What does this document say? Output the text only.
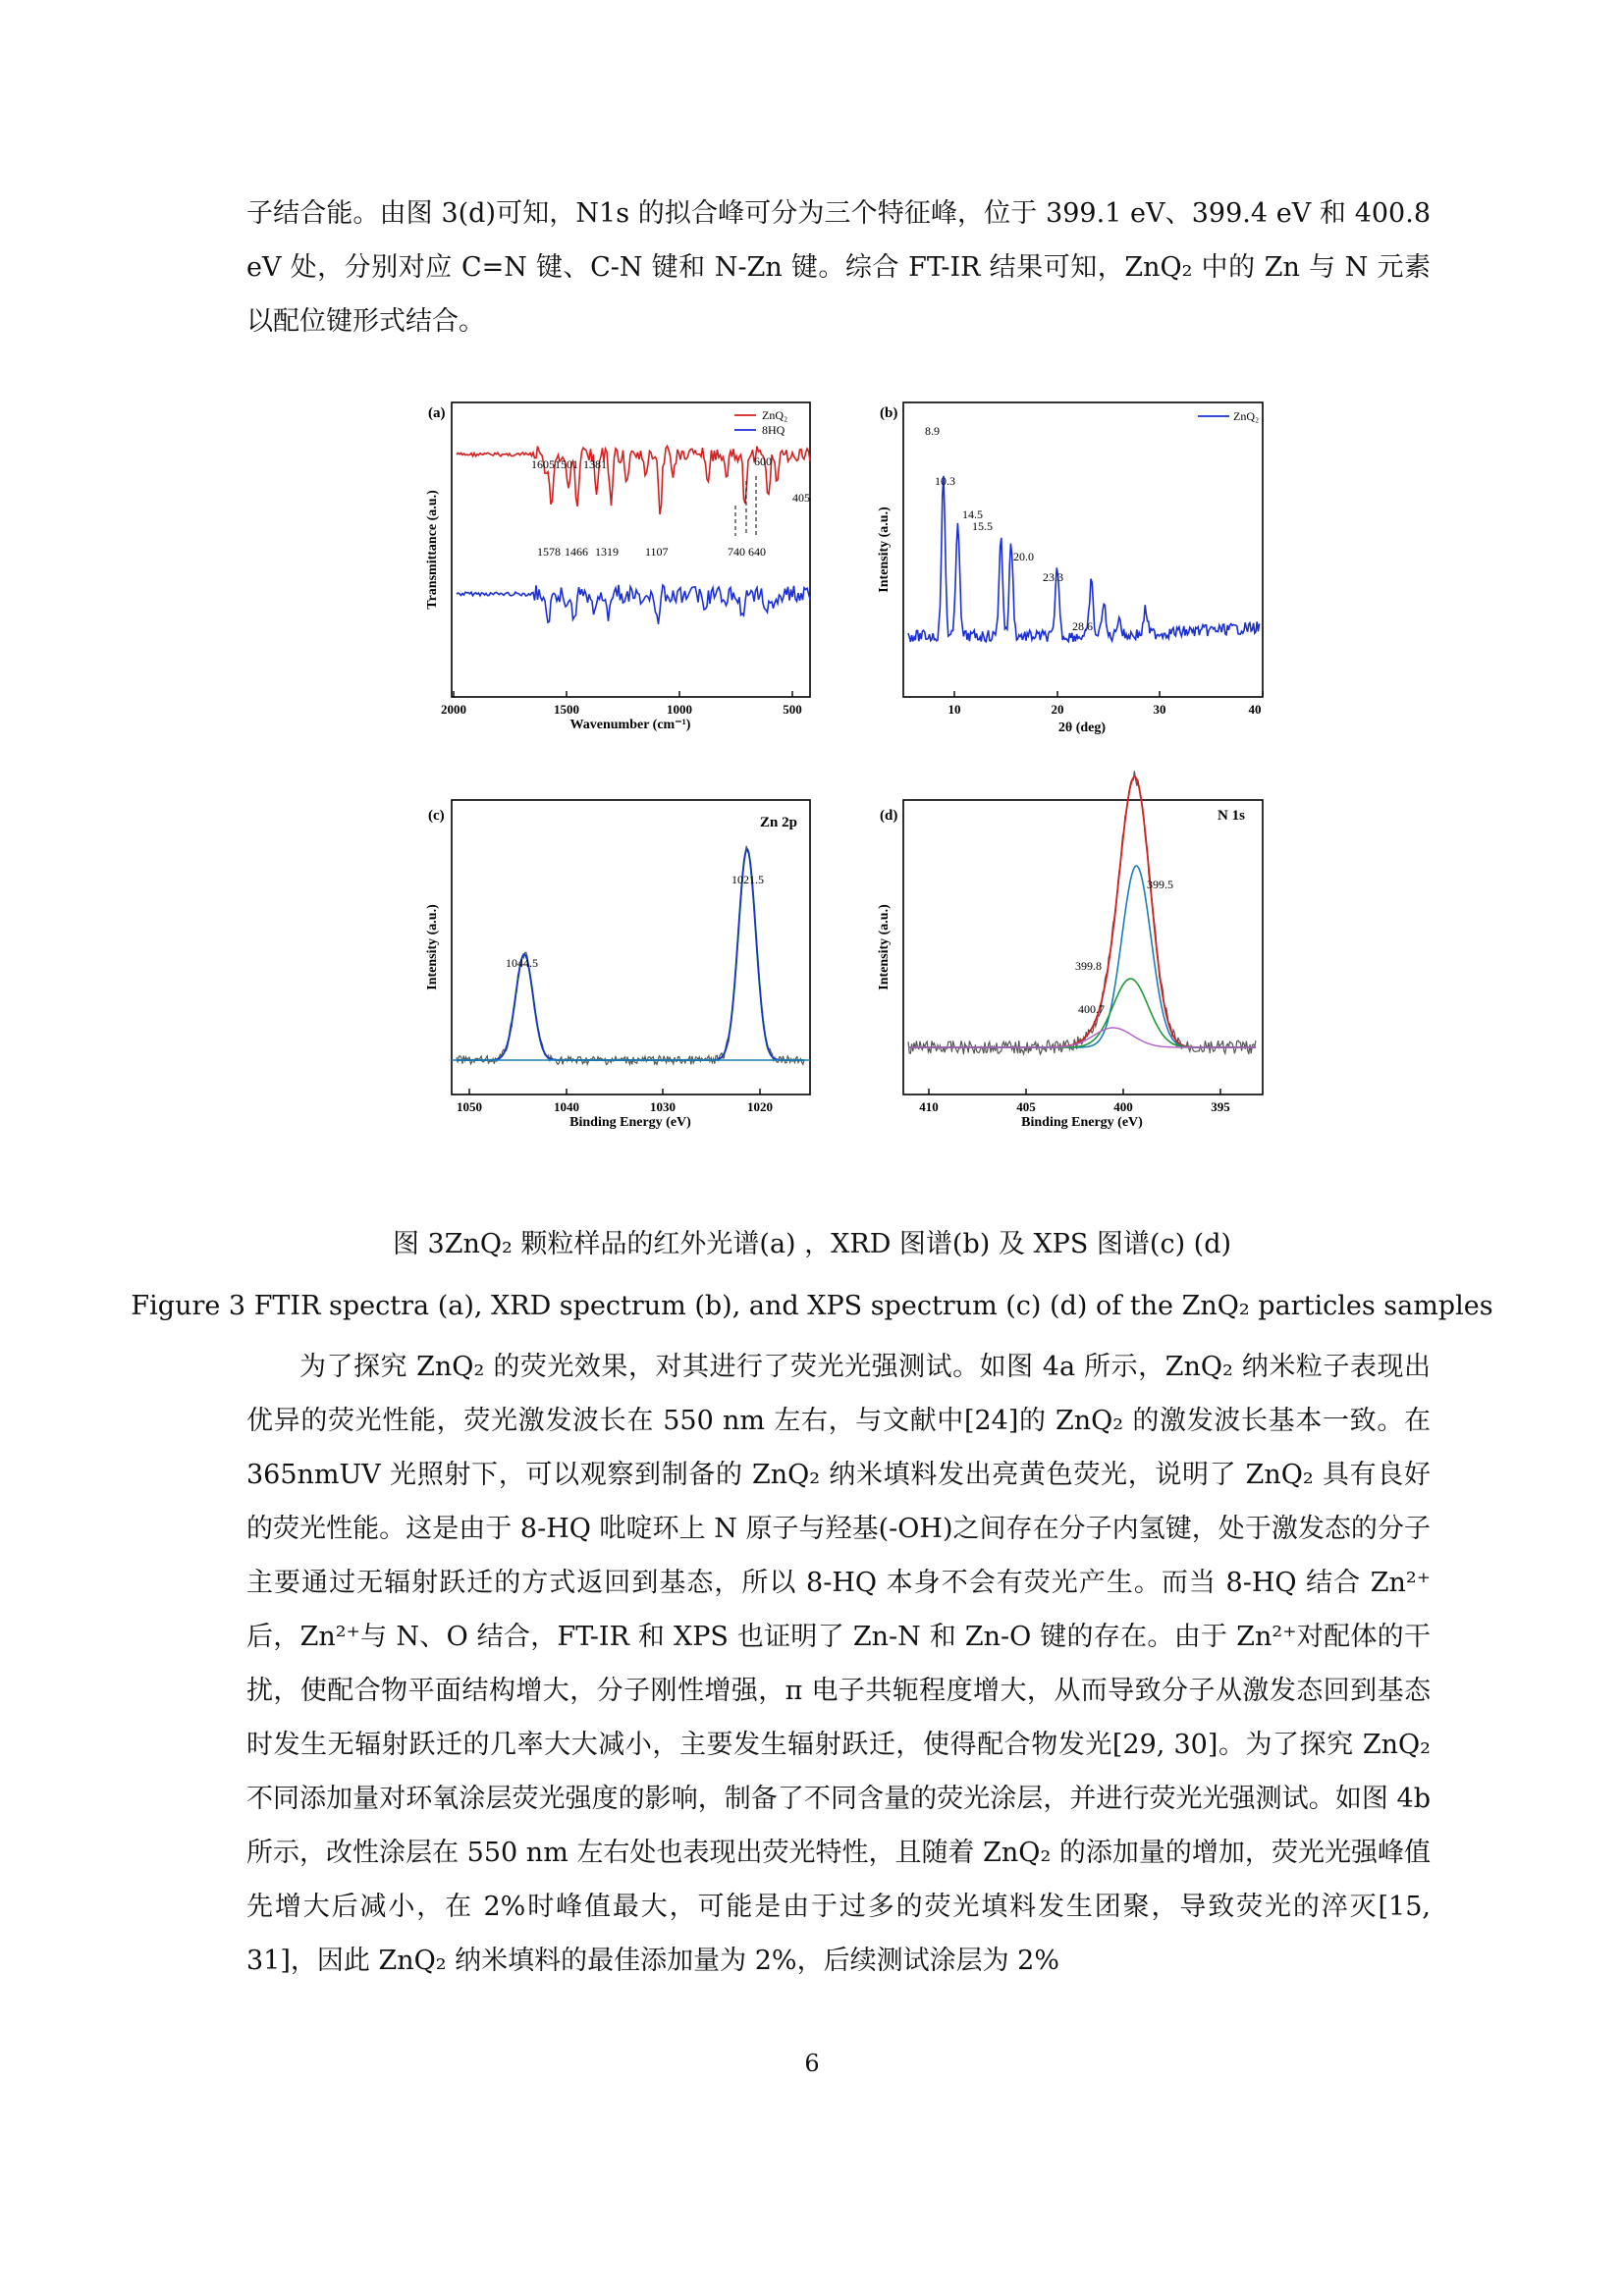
子结合能。由图 3(d)可知，N1s 的拟合峰可分为三个特征峰，位于 399.1 eV、399.4 eV 和 400.8 eV 处，分别对应 C=N 键、C-N 键和 N-Zn 键。综合 FT-IR 结果可知，ZnQ₂ 中的 Zn 与 N 元素以配位键形式结合。

(a)	ZnQ₂
8HQ
1605 1501 1381	600
405
1578 1466 1319 1107	740 640
2000	1500	1000	500
Wavenumber (cm⁻¹)
Transmittance (a.u.)
(b)	ZnQ₂
8.9
10.3
14.5
15.5
20.0
23.3
28.6
10	20	30	40
2θ (deg)
Intensity (a.u.)
(c)	Zn 2p
1044.5
1021.5
1050	1040	1030	1020
Binding Energy (eV)
Intensity (a.u.)
(d)	N 1s
399.5
399.8
400.7
410	405	400	395
Binding Energy (eV)
Intensity (a.u.)
图 3ZnQ₂ 颗粒样品的红外光谱(a) ，XRD 图谱(b) 及 XPS 图谱(c) (d)
Figure 3 FTIR spectra (a), XRD spectrum (b), and XPS spectrum (c) (d) of the ZnQ₂ particles samples

为了探究 ZnQ₂ 的荧光效果，对其进行了荧光光强测试。如图 4a 所示，ZnQ₂ 纳米粒子表现出优异的荧光性能，荧光激发波长在 550 nm 左右，与文献中[24]的 ZnQ₂ 的激发波长基本一致。在 365nmUV 光照射下，可以观察到制备的 ZnQ₂ 纳米填料发出亮黄色荧光，说明了 ZnQ₂ 具有良好的荧光性能。这是由于 8-HQ 吡啶环上 N 原子与羟基(-OH)之间存在分子内氢键，处于激发态的分子主要通过无辐射跃迁的方式返回到基态，所以 8-HQ 本身不会有荧光产生。而当 8-HQ 结合 Zn²⁺后，Zn²⁺与 N、O 结合，FT-IR 和 XPS 也证明了 Zn-N 和 Zn-O 键的存在。由于 Zn²⁺对配体的干扰，使配合物平面结构增大，分子刚性增强，π 电子共轭程度增大，从而导致分子从激发态回到基态时发生无辐射跃迁的几率大大减小，主要发生辐射跃迁，使得配合物发光[29, 30]。为了探究 ZnQ₂ 不同添加量对环氧涂层荧光强度的影响，制备了不同含量的荧光涂层，并进行荧光光强测试。如图 4b 所示，改性涂层在 550 nm 左右处也表现出荧光特性，且随着 ZnQ₂ 的添加量的增加，荧光光强峰值先增大后减小，在 2%时峰值最大，可能是由于过多的荧光填料发生团聚，导致荧光的淬灭[15, 31]，因此 ZnQ₂ 纳米填料的最佳添加量为 2%，后续测试涂层为 2%

6
